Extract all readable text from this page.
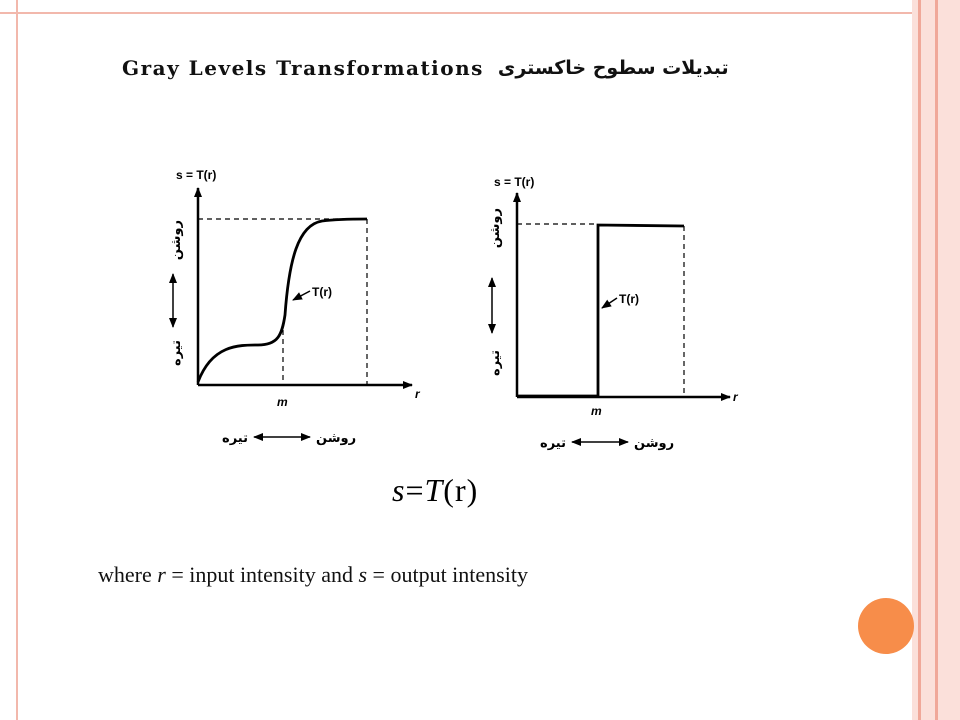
Gray Levels Transformations تبدیلات سطوح خاکستری
s = T(r)
r
m
T(r)
روشن
تیره
تیره	روشن
s = T(r)
r
m
T(r)
روشن
تیره
تیره	روشن
s=T(r)
where r = input intensity and s = output intensity
